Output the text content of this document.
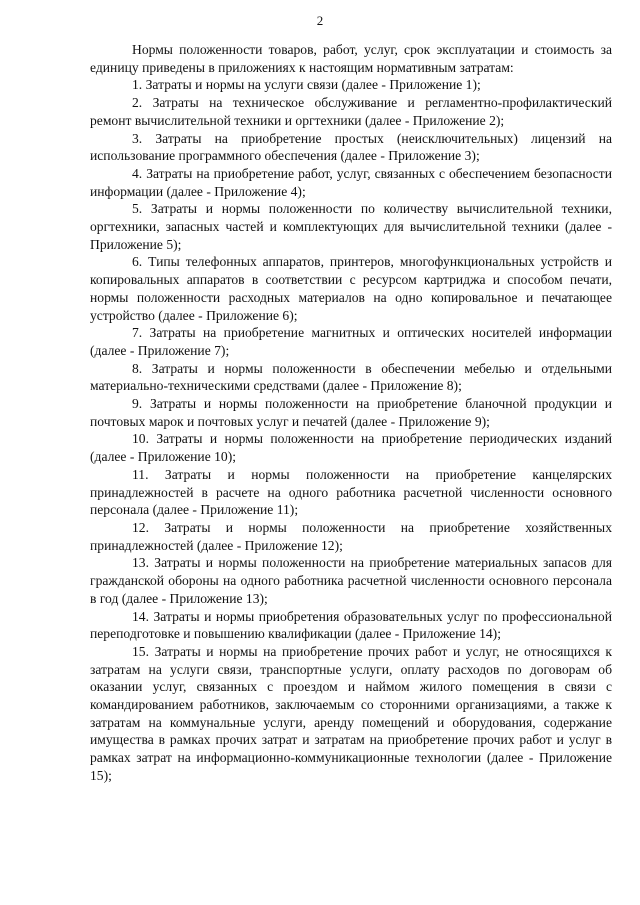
2

Нормы положенности товаров, работ, услуг, срок эксплуатации и стоимость за единицу приведены в приложениях к настоящим нормативным затратам:

1. Затраты и нормы на услуги связи (далее - Приложение 1);

2. Затраты на техническое обслуживание и регламентно-профилактический ремонт вычислительной техники и оргтехники (далее - Приложение 2);

3. Затраты на приобретение простых (неисключительных) лицензий на использование программного обеспечения (далее - Приложение 3);

4. Затраты на приобретение работ, услуг, связанных с обеспечением безопасности информации (далее - Приложение 4);

5. Затраты и нормы положенности по количеству вычислительной техники, оргтехники, запасных частей и комплектующих для вычислительной техники (далее - Приложение 5);

6. Типы телефонных аппаратов, принтеров, многофункциональных устройств и копировальных аппаратов в соответствии с ресурсом картриджа и способом печати, нормы положенности расходных материалов на одно копировальное и печатающее устройство (далее - Приложение 6);

7. Затраты на приобретение магнитных и оптических носителей информации (далее - Приложение 7);

8. Затраты и нормы положенности в обеспечении мебелью и отдельными материально-техническими средствами (далее - Приложение 8);

9. Затраты и нормы положенности на приобретение бланочной продукции и почтовых марок и почтовых услуг и печатей (далее - Приложение 9);

10. Затраты и нормы положенности на приобретение периодических изданий (далее - Приложение 10);

11. Затраты и нормы положенности на приобретение канцелярских принадлежностей в расчете на одного работника расчетной численности основного персонала (далее - Приложение 11);

12. Затраты и нормы положенности на приобретение хозяйственных принадлежностей (далее - Приложение 12);

13. Затраты и нормы положенности на приобретение материальных запасов для гражданской обороны на одного работника расчетной численности основного персонала в год (далее - Приложение 13);

14. Затраты и нормы приобретения образовательных услуг по профессиональной переподготовке и повышению квалификации (далее - Приложение 14);

15. Затраты и нормы на приобретение прочих работ и услуг, не относящихся к затратам на услуги связи, транспортные услуги, оплату расходов по договорам об оказании услуг, связанных с проездом и наймом жилого помещения в связи с командированием работников, заключаемым со сторонними организациями, а также к затратам на коммунальные услуги, аренду помещений и оборудования, содержание имущества в рамках прочих затрат и затратам на приобретение прочих работ и услуг в рамках затрат на информационно-коммуникационные технологии (далее - Приложение 15);
